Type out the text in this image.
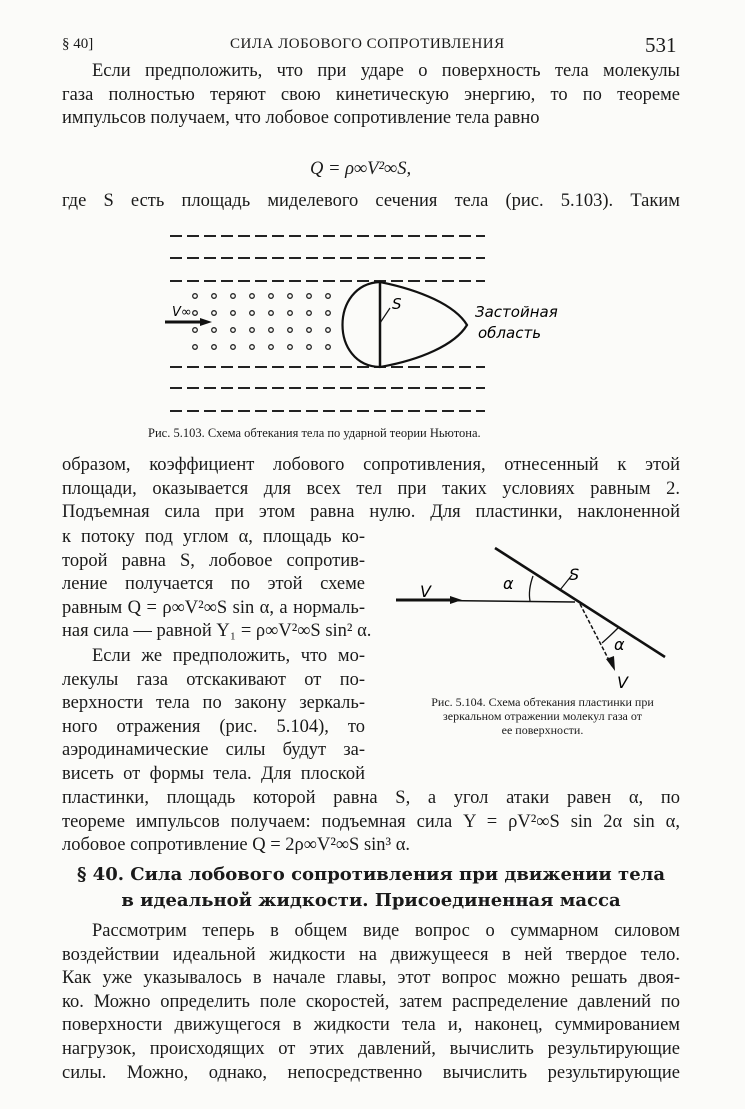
§ 40]	СИЛА ЛОБОВОГО СОПРОТИВЛЕНИЯ	531
Если предположить, что при ударе о поверхность тела молекулы
газа полностью теряют свою кинетическую энергию, то по теореме
импульсов получаем, что лобовое сопротивление тела равно
Q = ρ∞V²∞S,
где S есть площадь миделевого сечения тела (рис. 5.103). Таким
V∞	S	Застойная
область
Рис. 5.103. Схема обтекания тела по ударной теории Ньютона.
образом, коэффициент лобового сопротивления, отнесенный к этой
площади, оказывается для всех тел при таких условиях равным 2.
Подъемная сила при этом равна нулю. Для пластинки, наклоненной
к потоку под углом α, площадь ко-
торой равна S, лобовое сопротив-
ление получается по этой схеме
равным Q = ρ∞V²∞S sin α, а нормаль-
ная сила — равной Y₁ = ρ∞V²∞S sin² α.
Если же предположить, что мо-
лекулы газа отскакивают от по-
верхности тела по закону зеркаль-
ного отражения (рис. 5.104), то
аэродинамические силы будут за-
висеть от формы тела. Для плоской
пластинки, площадь которой равна S, а угол атаки равен α, по
теореме импульсов получаем: подъемная сила Y = ρV²∞S sin 2α sin α,
лобовое сопротивление Q = 2ρ∞V²∞S sin³ α.
V	α	S
α
V
Рис. 5.104. Схема обтекания пластинки при
зеркальном отражении молекул газа от
ее поверхности.
§ 40. Сила лобового сопротивления при движении тела
в идеальной жидкости. Присоединенная масса
Рассмотрим теперь в общем виде вопрос о суммарном силовом
воздействии идеальной жидкости на движущееся в ней твердое тело.
Как уже указывалось в начале главы, этот вопрос можно решать двоя-
ко. Можно определить поле скоростей, затем распределение давлений по
поверхности движущегося в жидкости тела и, наконец, суммированием
нагрузок, происходящих от этих давлений, вычислить результирующие
силы. Можно, однако, непосредственно вычислить результирующие
